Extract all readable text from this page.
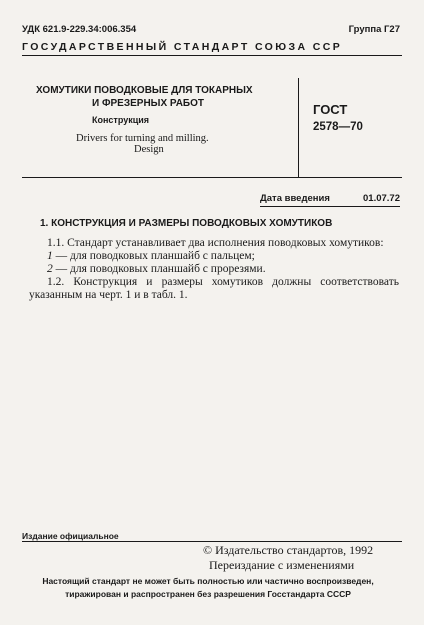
УДК 621.9-229.34:006.354	Группа Г27
ГОСУДАРСТВЕННЫЙ СТАНДАРТ СОЮЗА ССР
ХОМУТИКИ ПОВОДКОВЫЕ ДЛЯ ТОКАРНЫХ
И ФРЕЗЕРНЫХ РАБОТ
Конструкция
Drivers for turning and milling.
Design
ГОСТ
2578—70
Дата введения	01.07.72
1. КОНСТРУКЦИЯ И РАЗМЕРЫ ПОВОДКОВЫХ ХОМУТИКОВ

1.1. Стандарт устанавливает два исполнения поводковых хомутиков:

1 — для поводковых планшайб с пальцем;

2 — для поводковых планшайб с прорезями.

1.2. Конструкция и размеры хомутиков должны соответствовать указанным на черт. 1 и в табл. 1.

Издание официальное
© Издательство стандартов, 1992
Переиздание с изменениями
Настоящий стандарт не может быть полностью или частично воспроизведен,
тиражирован и распространен без разрешения Госстандарта СССР
